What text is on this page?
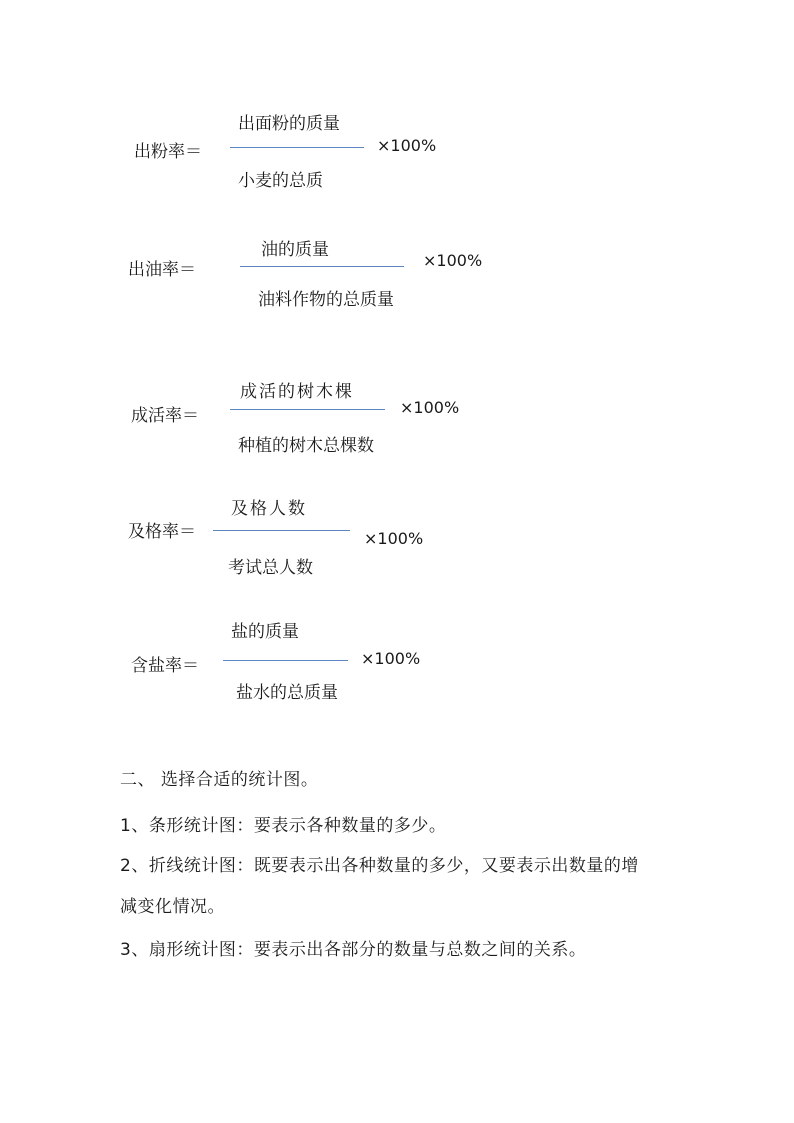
出粉率＝
出面粉的质量
小麦的总质
×100%
出油率＝
油的质量
油料作物的总质量
×100%
成活率＝
成活的树木棵
种植的树木总棵数
×100%
及格率＝
及格人数
考试总人数
×100%
含盐率＝
盐的质量
盐水的总质量
×100%
二、 选择合适的统计图。
1、条形统计图：要表示各种数量的多少。
2、折线统计图：既要表示出各种数量的多少，又要表示出数量的增
减变化情况。
3、扇形统计图：要表示出各部分的数量与总数之间的关系。
